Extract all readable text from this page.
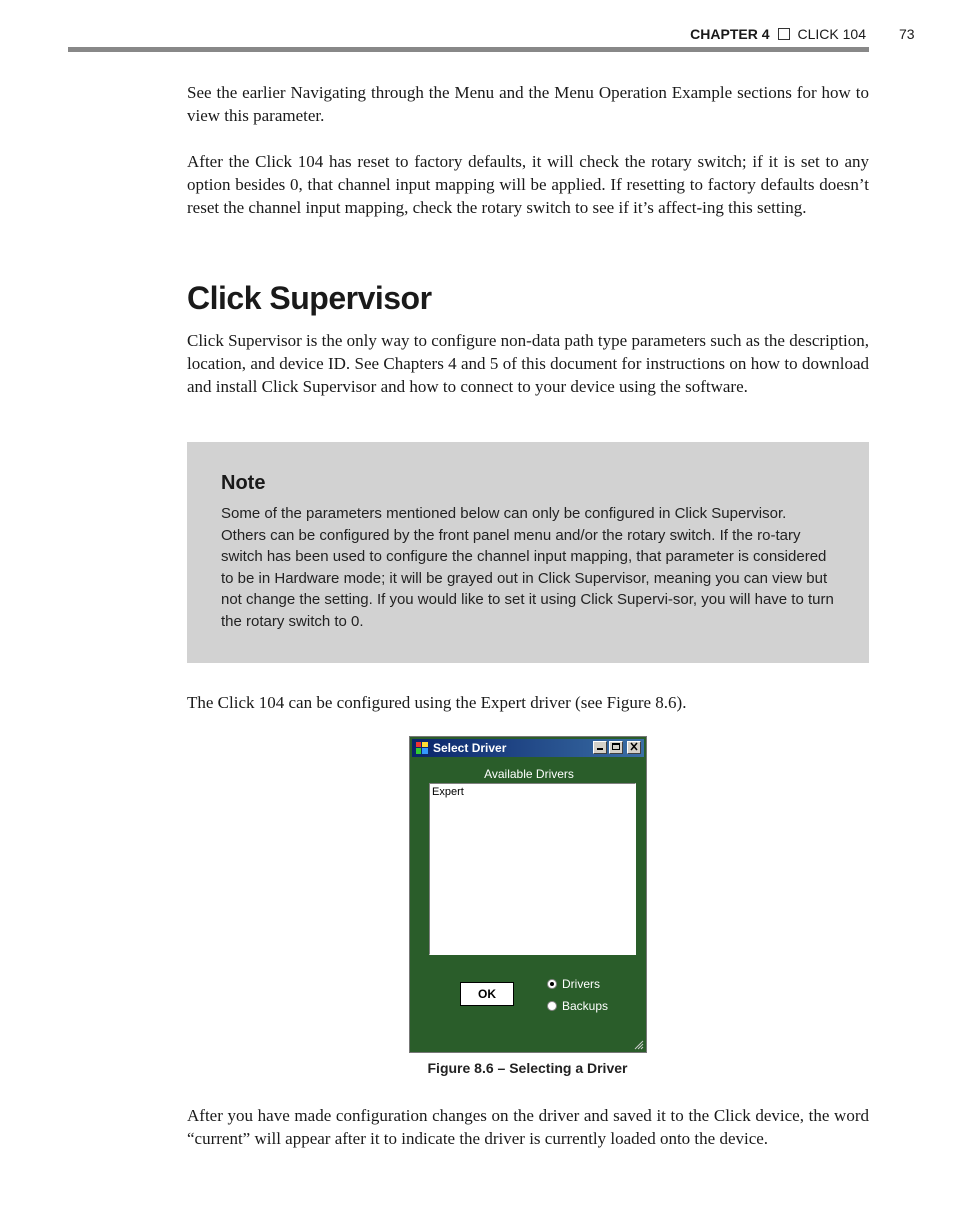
CHAPTER 4 CLICK 104 73

See the earlier Navigating through the Menu and the Menu Operation Example sections for how to view this parameter.

After the Click 104 has reset to factory defaults, it will check the rotary switch; if it is set to any option besides 0, that channel input mapping will be applied. If resetting to factory defaults doesn’t reset the channel input mapping, check the rotary switch to see if it’s affect-ing this setting.

Click Supervisor

Click Supervisor is the only way to configure non-data path type parameters such as the description, location, and device ID. See Chapters 4 and 5 of this document for instructions on how to download and install Click Supervisor and how to connect to your device using the software.

Note

Some of the parameters mentioned below can only be configured in Click Supervisor. Others can be configured by the front panel menu and/or the rotary switch. If the ro-tary switch has been used to configure the channel input mapping, that parameter is considered to be in Hardware mode; it will be grayed out in Click Supervisor, meaning you can view but not change the setting. If you would like to set it using Click Supervi-sor, you will have to turn the rotary switch to 0.

The Click 104 can be configured using the Expert driver (see Figure 8.6).

Select Driver
Available Drivers
Expert
OK
Drivers
Backups
Figure 8.6 – Selecting a Driver

After you have made configuration changes on the driver and saved it to the Click device, the word “current” will appear after it to indicate the driver is currently loaded onto the device.
